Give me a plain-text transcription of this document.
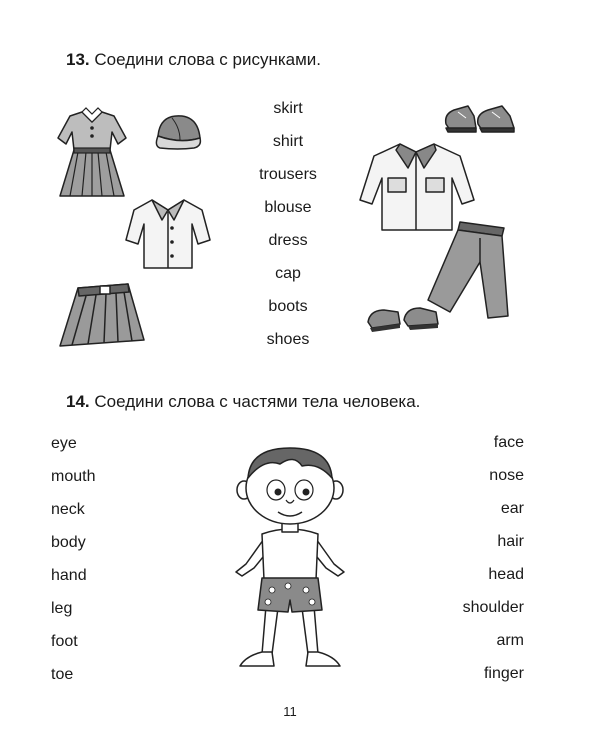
13. Соедини слова с рисунками.
skirt
shirt
trousers
blouse
dress
cap
boots
shoes
14. Соедини слова с частями тела человека.
eye
mouth
neck
body
hand
leg
foot
toe
face
nose
ear
hair
head
shoulder
arm
finger
11
